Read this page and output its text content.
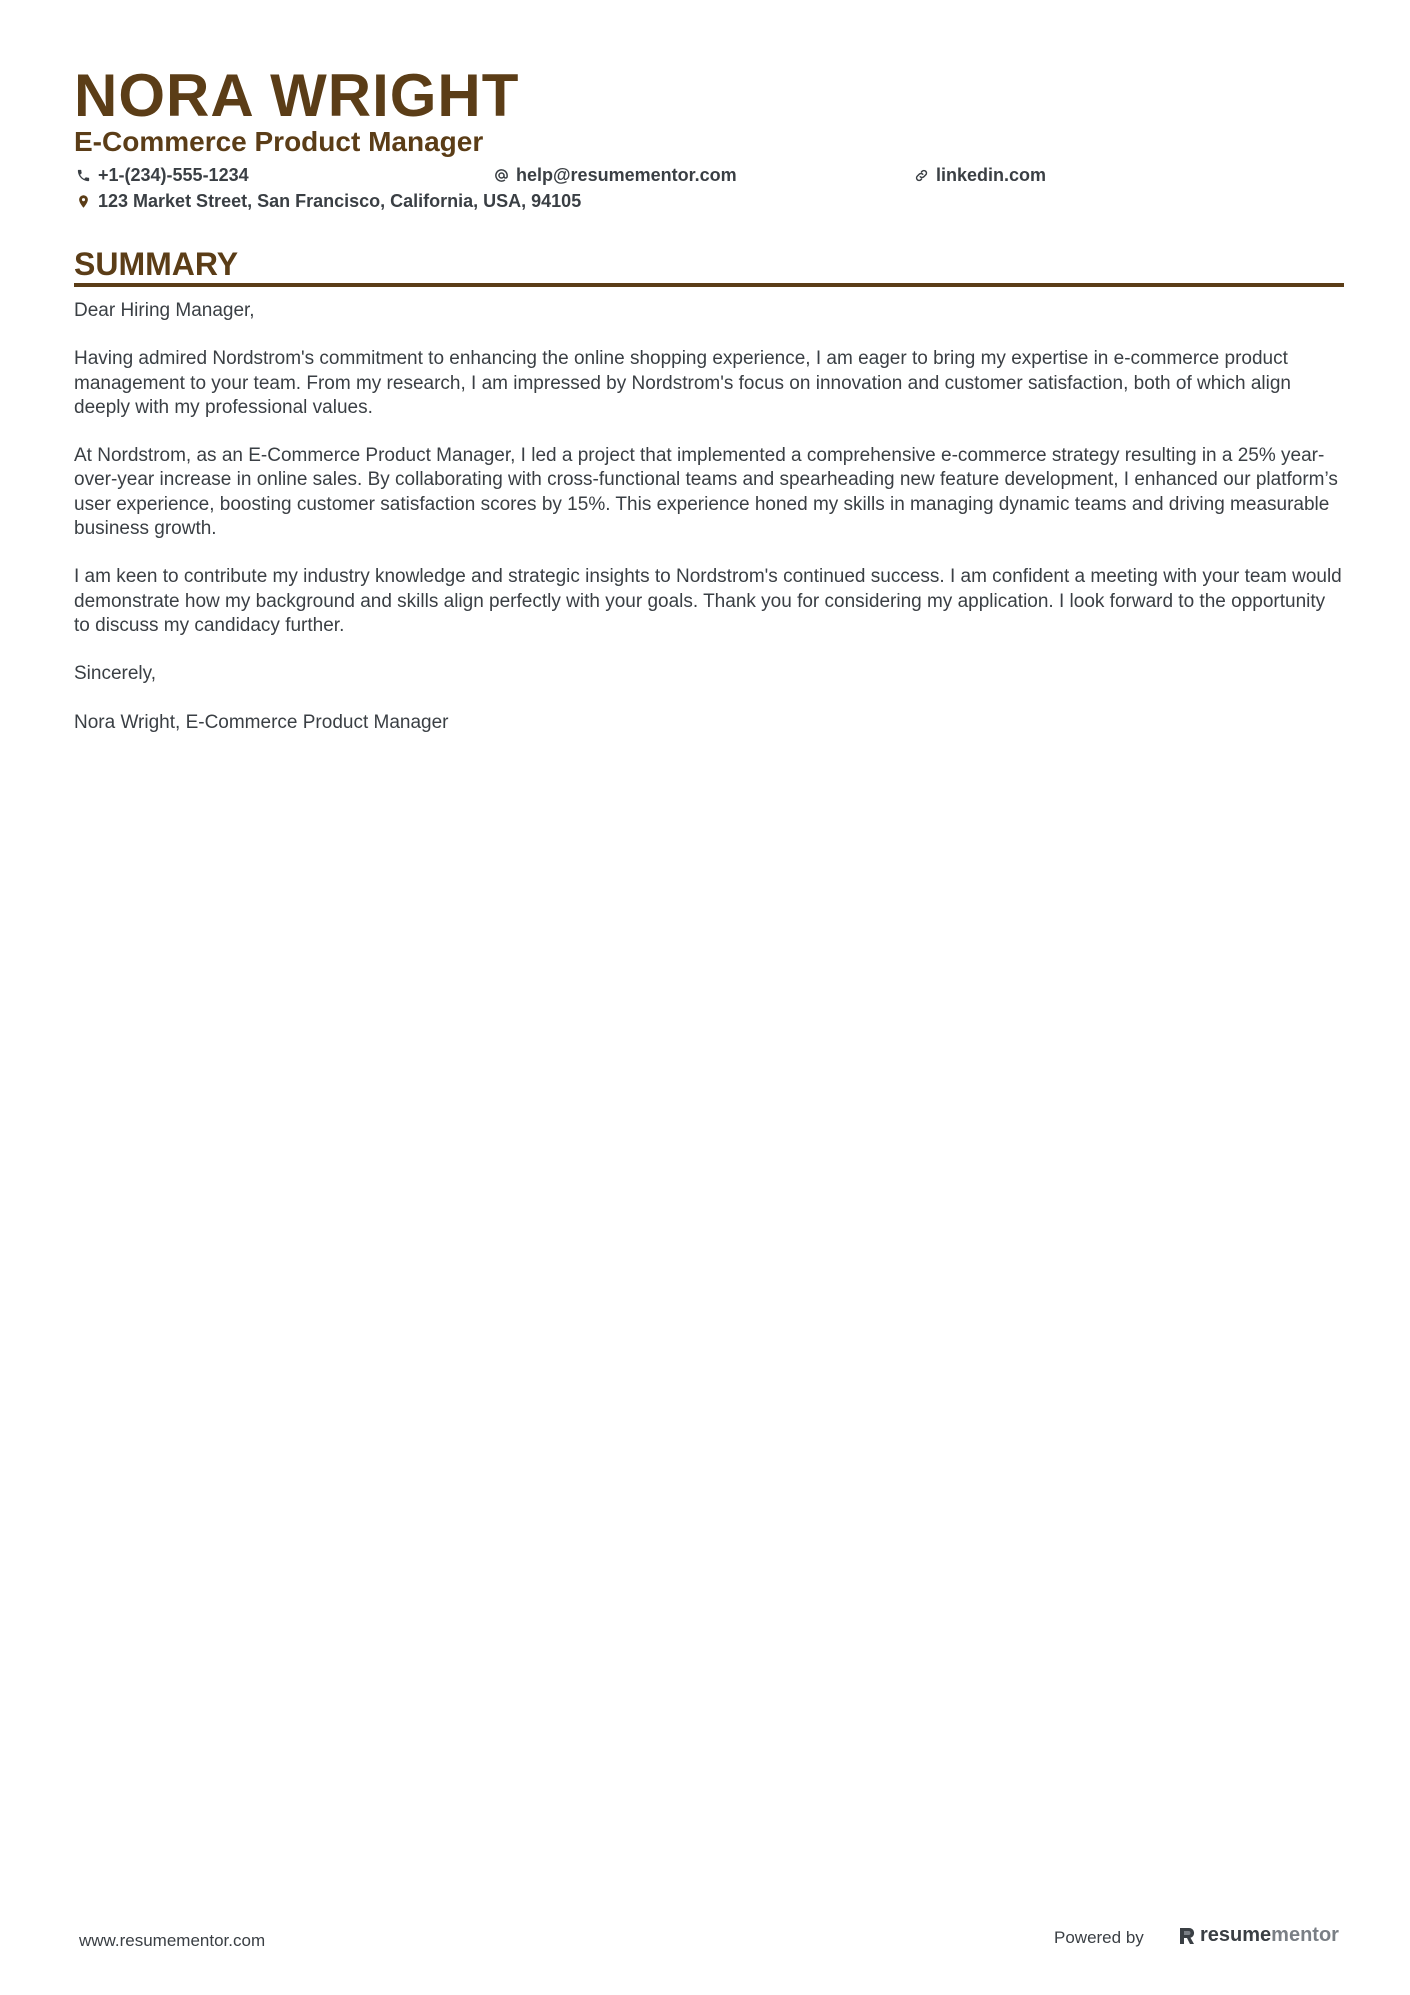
NORA WRIGHT
E-Commerce Product Manager
+1-(234)-555-1234	help@resumementor.com	linkedin.com
123 Market Street, San Francisco, California, USA, 94105
SUMMARY

Dear Hiring Manager,

Having admired Nordstrom's commitment to enhancing the online shopping experience, I am eager to bring my expertise in e-commerce product management to your team. From my research, I am impressed by Nordstrom's focus on innovation and customer satisfaction, both of which align deeply with my professional values.

At Nordstrom, as an E-Commerce Product Manager, I led a project that implemented a comprehensive e-commerce strategy resulting in a 25% year-over-year increase in online sales. By collaborating with cross-functional teams and spearheading new feature development, I enhanced our platform’s user experience, boosting customer satisfaction scores by 15%. This experience honed my skills in managing dynamic teams and driving measurable business growth.

I am keen to contribute my industry knowledge and strategic insights to Nordstrom's continued success. I am confident a meeting with your team would demonstrate how my background and skills align perfectly with your goals. Thank you for considering my application. I look forward to the opportunity to discuss my candidacy further.

Sincerely,

Nora Wright, E-Commerce Product Manager

www.resumementor.com	Powered by	resume mentor
